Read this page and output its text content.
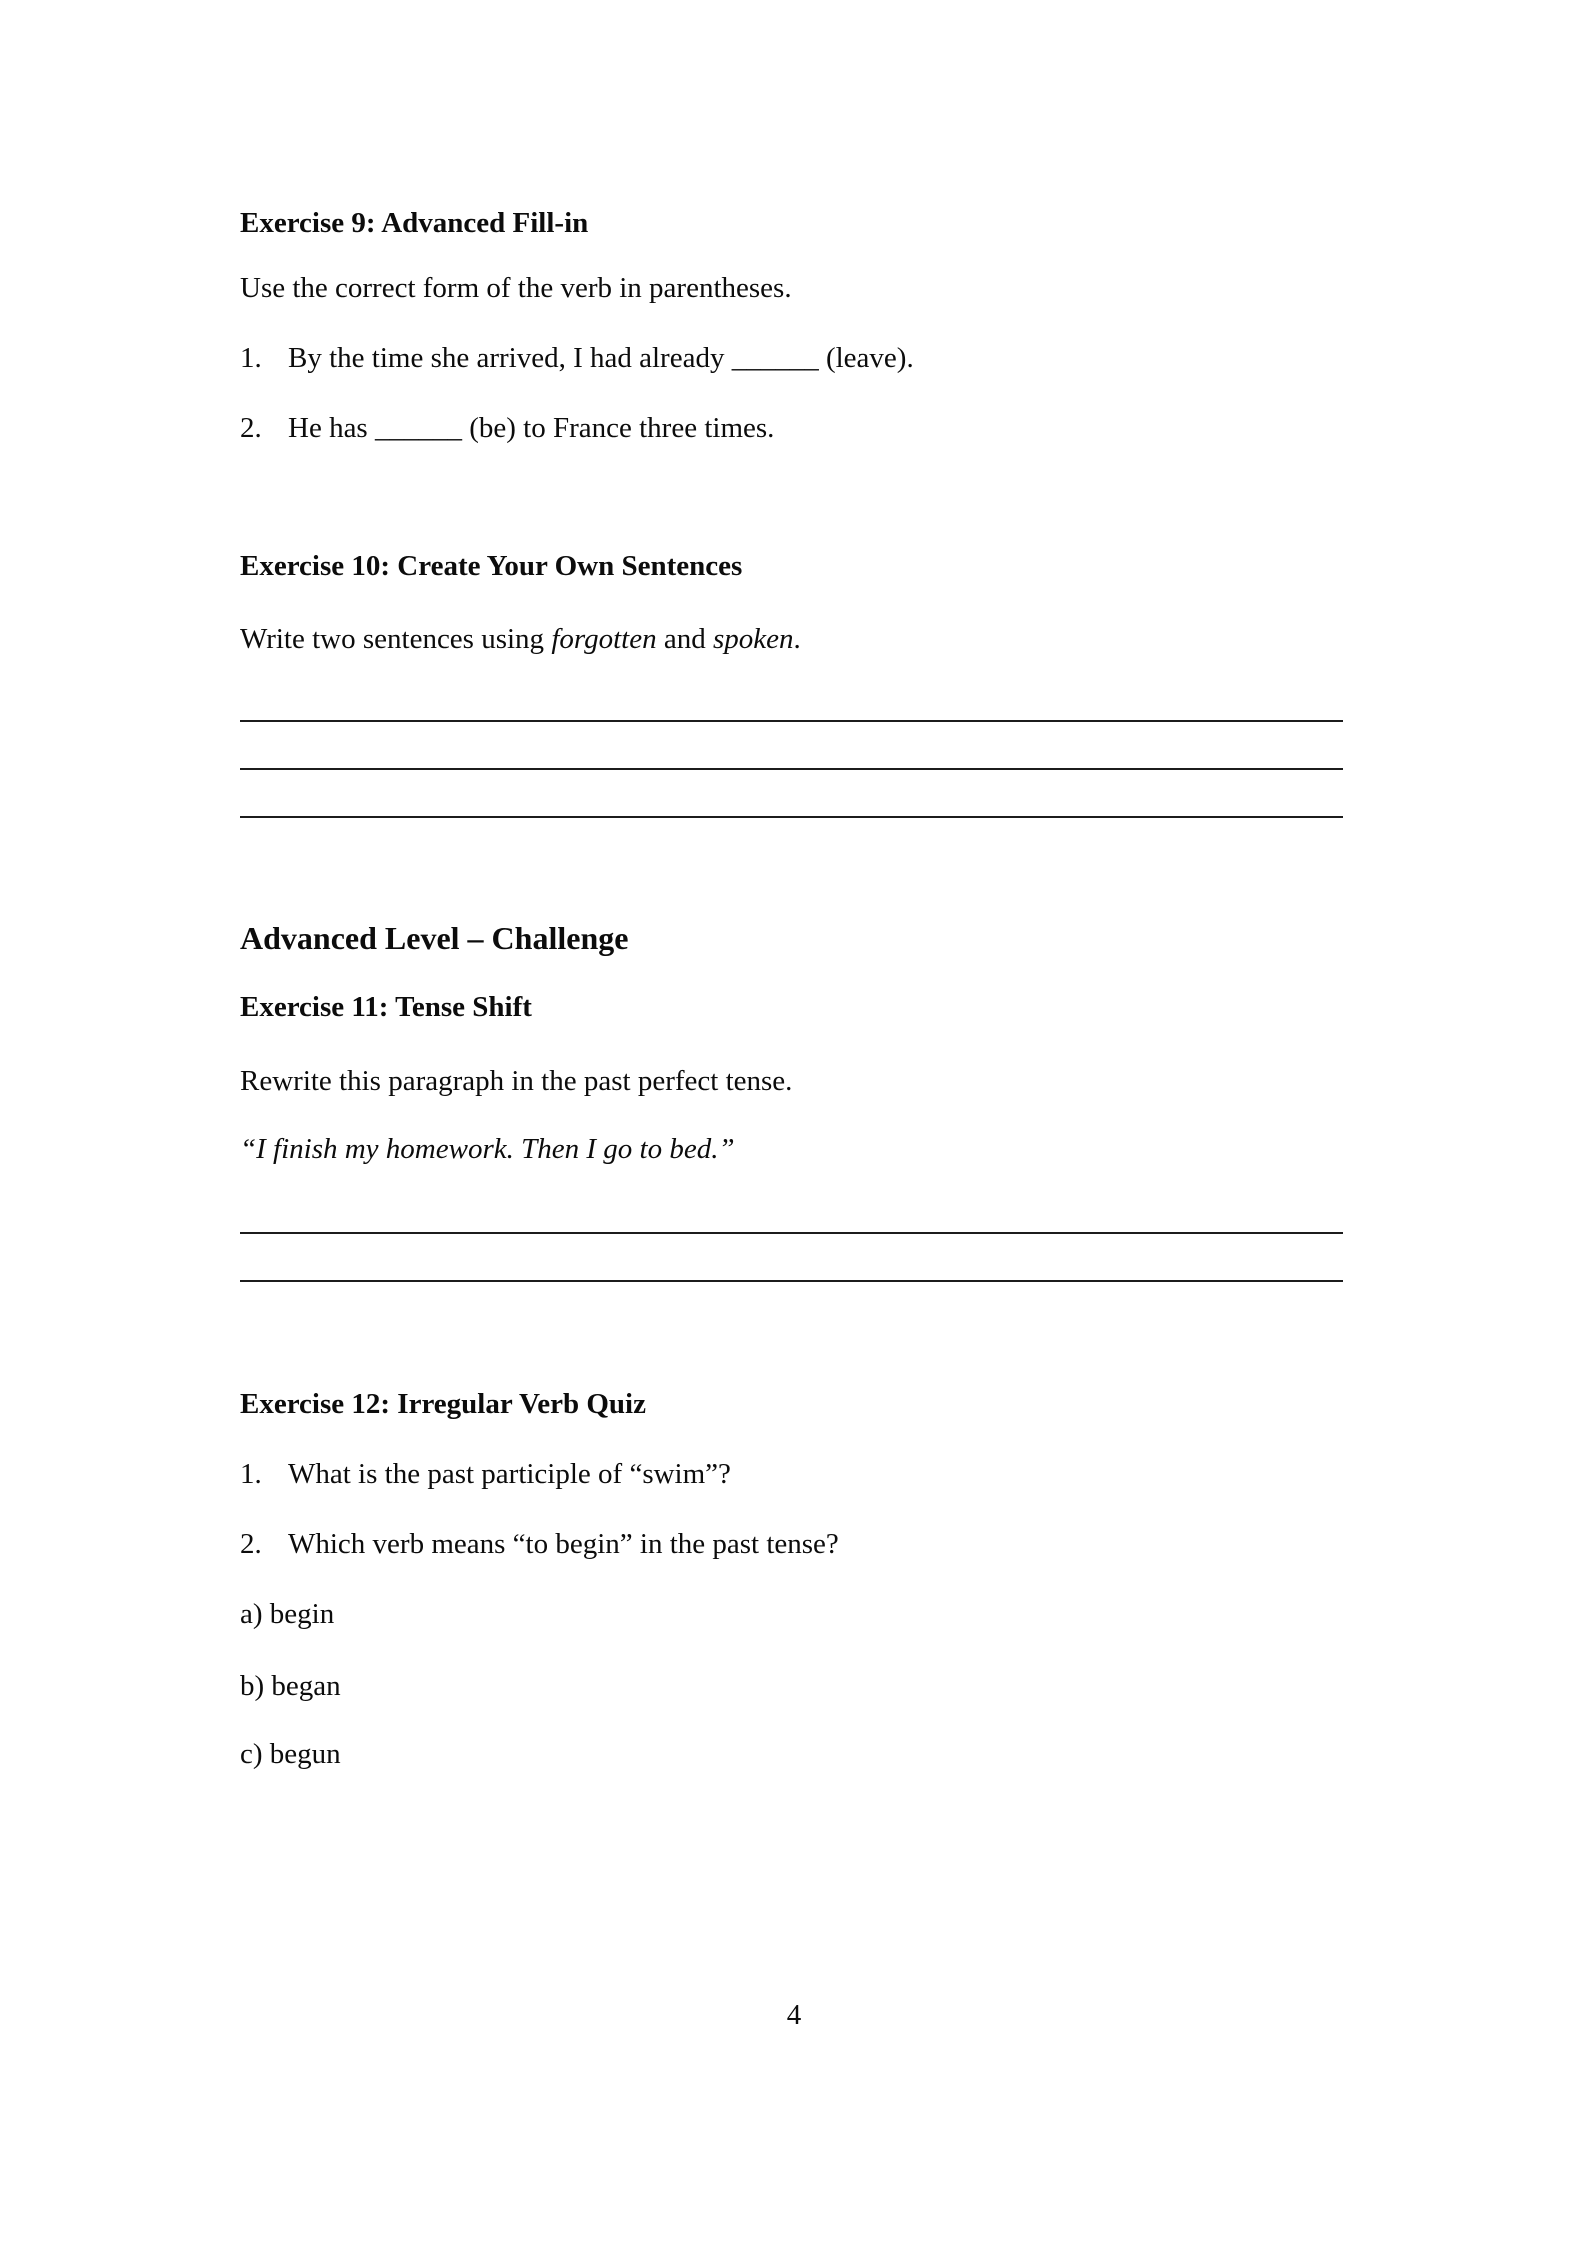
Exercise 9: Advanced Fill-in

Use the correct form of the verb in parentheses.

1. By the time she arrived, I had already ______ (leave).

2. He has ______ (be) to France three times.

Exercise 10: Create Your Own Sentences

Write two sentences using forgotten and spoken.

Advanced Level – Challenge
Exercise 11: Tense Shift

Rewrite this paragraph in the past perfect tense.

“I finish my homework. Then I go to bed.”

Exercise 12: Irregular Verb Quiz

1. What is the past participle of “swim”?

2. Which verb means “to begin” in the past tense?

a) begin

b) began

c) begun

4
